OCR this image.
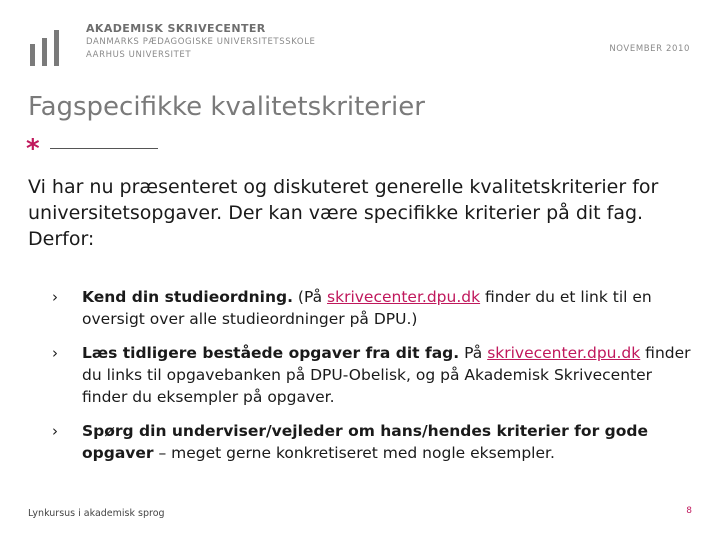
AKADEMISK SKRIVECENTER
DANMARKS PÆDAGOGISKE UNIVERSITETSSKOLE
AARHUS UNIVERSITET
NOVEMBER 2010
Fagspecifikke kvalitetskriterier
*

Vi har nu præsenteret og diskuteret generelle kvalitetskriterier for universitetsopgaver. Der kan være specifikke kriterier på dit fag. Derfor:

› Kend din studieordning. (På skrivecenter.dpu.dk finder du et link til en oversigt over alle studieordninger på DPU.)
› Læs tidligere beståede opgaver fra dit fag. På skrivecenter.dpu.dk finder du links til opgavebanken på DPU-Obelisk, og på Akademisk Skrivecenter finder du eksempler på opgaver.
› Spørg din underviser/vejleder om hans/hendes kriterier for gode opgaver – meget gerne konkretiseret med nogle eksempler.
Lynkursus i akademisk sprog	8
